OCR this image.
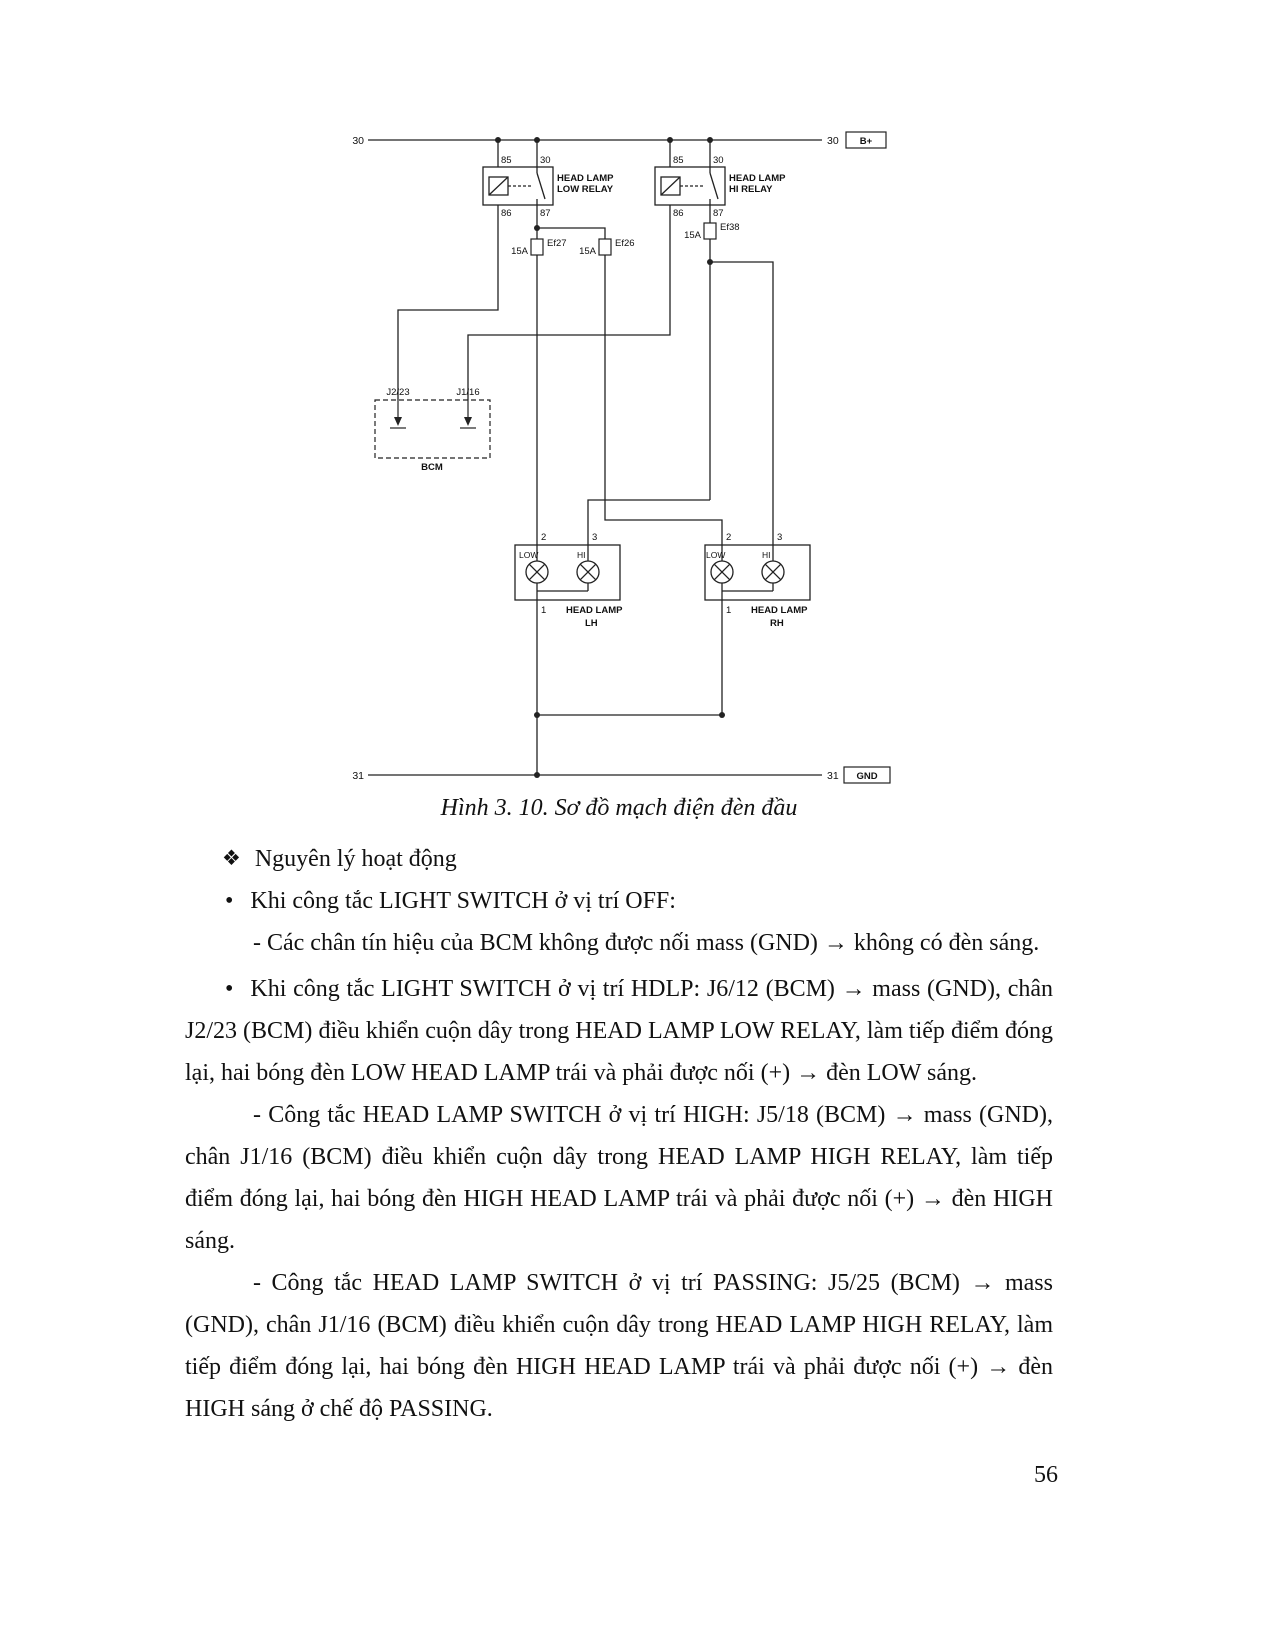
30	30 B+
31	31 GND
85	30
86	87
HEAD LAMP
LOW RELAY
85	30
86	87
HEAD LAMP
HI RELAY
Ef27
15A
Ef26
15A
Ef38
15A
J2/23	J1/16
BCM
2	3
LOW	HI
1 HEAD LAMP
LH
2	3
LOW	HI
1 HEAD LAMP
RH
Hình 3. 10. Sơ đồ mạch điện đèn đầu

❖ Nguyên lý hoạt động

• Khi công tắc LIGHT SWITCH ở vị trí OFF:

- Các chân tín hiệu của BCM không được nối mass (GND) → không có đèn sáng.

• Khi công tắc LIGHT SWITCH ở vị trí HDLP: J6/12 (BCM) → mass (GND), chân J2/23 (BCM) điều khiển cuộn dây trong HEAD LAMP LOW RELAY, làm tiếp điểm đóng lại, hai bóng đèn LOW HEAD LAMP trái và phải được nối (+) → đèn LOW sáng.

- Công tắc HEAD LAMP SWITCH ở vị trí HIGH: J5/18 (BCM) → mass (GND), chân J1/16 (BCM) điều khiển cuộn dây trong HEAD LAMP HIGH RELAY, làm tiếp điểm đóng lại, hai bóng đèn HIGH HEAD LAMP trái và phải được nối (+) → đèn HIGH sáng.

- Công tắc HEAD LAMP SWITCH ở vị trí PASSING: J5/25 (BCM) → mass (GND), chân J1/16 (BCM) điều khiển cuộn dây trong HEAD LAMP HIGH RELAY, làm tiếp điểm đóng lại, hai bóng đèn HIGH HEAD LAMP trái và phải được nối (+) → đèn HIGH sáng ở chế độ PASSING.

56
